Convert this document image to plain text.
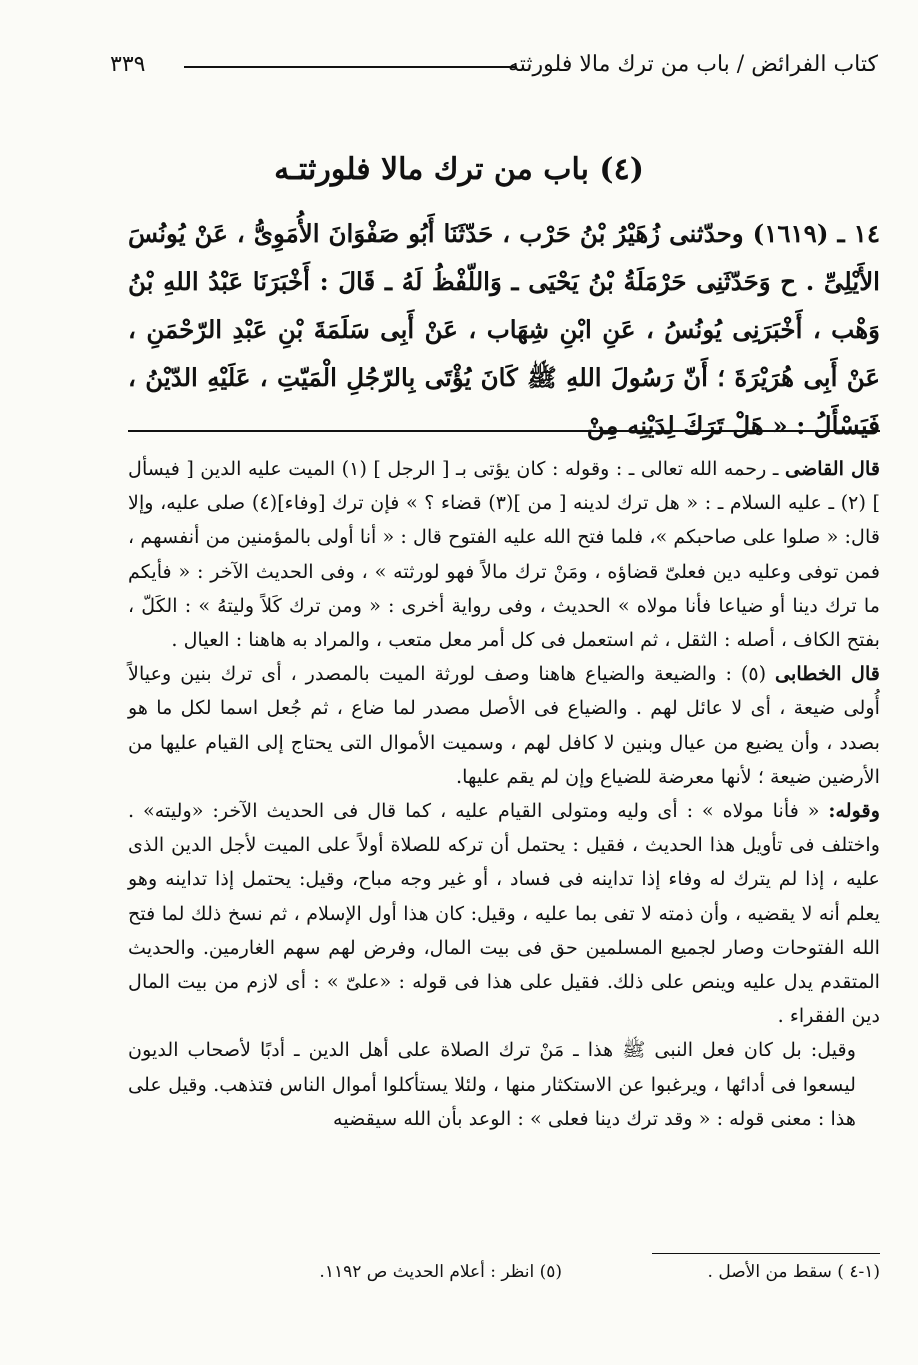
كتاب الفرائض / باب من ترك مالا فلورثته
٣٣٩
(٤) باب من ترك مالا فلورثتـه
١٤ ـ (١٦١٩) وحدّثنى زُهَيْرُ بْنُ حَرْب ، حَدّثَنَا أَبُو صَفْوَانَ الأُمَوِىُّ ، عَنْ يُونُسَ الأَيْلِىِّ . ح وَحَدّثَنِى حَرْمَلَةُ بْنُ يَحْيَى ـ وَاللّفْظُ لَهُ ـ قَالَ : أَخْبَرَنَا عَبْدُ اللهِ بْنُ وَهْب ، أَخْبَرَنِى يُونُسُ ، عَنِ ابْنِ شِهَاب ، عَنْ أَبِى سَلَمَةَ بْنِ عَبْدِ الرّحْمَنِ ، عَنْ أَبِى هُرَيْرَةَ ؛ أَنّ رَسُولَ اللهِ ﷺ كَانَ يُؤْتَى بِالرّجُلِ الْمَيّتِ ، عَلَيْهِ الدّيْنُ ، فَيَسْأَلُ : « هَلْ تَرَكَ لِدَيْنِه مِنْ

قال القاضى ـ رحمه الله تعالى ـ : وقوله : كان يؤتى بـ [ الرجل ] (١) الميت عليه الدين [ فيسأل ] (٢) ـ عليه السلام ـ : « هل ترك لدينه [ من ](٣) قضاء ؟ » فإن ترك [وفاء](٤) صلى عليه، وإلا قال: « صلوا على صاحبكم »، فلما فتح الله عليه الفتوح قال : « أنا أولى بالمؤمنين من أنفسهم ، فمن توفى وعليه دين فعلىّ قضاؤه ، ومَنْ ترك مالاً فهو لورثته » ، وفى الحديث الآخر : « فأيكم ما ترك دينا أو ضياعا فأنا مولاه » الحديث ، وفى رواية أخرى : « ومن ترك كَلاً وليتهُ » : الكَلّ ، بفتح الكاف ، أصله : الثقل ، ثم استعمل فى كل أمر معل متعب ، والمراد به هاهنا : العيال .

قال الخطابى (٥) : والضيعة والضياع هاهنا وصف لورثة الميت بالمصدر ، أى ترك بنين وعيالاً أُولى ضيعة ، أى لا عائل لهم . والضياع فى الأصل مصدر لما ضاع ، ثم جُعل اسما لكل ما هو بصدد ، وأن يضيع من عيال وبنين لا كافل لهم ، وسميت الأموال التى يحتاج إلى القيام عليها من الأرضين ضيعة ؛ لأنها معرضة للضياع وإن لم يقم عليها.

وقوله: « فأنا مولاه » : أى وليه ومتولى القيام عليه ، كما قال فى الحديث الآخر: «وليته» . واختلف فى تأويل هذا الحديث ، فقيل : يحتمل أن تركه للصلاة أولاً على الميت لأجل الدين الذى عليه ، إذا لم يترك له وفاء إذا تداينه فى فساد ، أو غير وجه مباح، وقيل: يحتمل إذا تداينه وهو يعلم أنه لا يقضيه ، وأن ذمته لا تفى بما عليه ، وقيل: كان هذا أول الإسلام ، ثم نسخ ذلك لما فتح الله الفتوحات وصار لجميع المسلمين حق فى بيت المال، وفرض لهم سهم الغارمين. والحديث المتقدم يدل عليه وينص على ذلك. فقيل على هذا فى قوله : «علىّ » : أى لازم من بيت المال دين الفقراء .

وقيل: بل كان فعل النبى ﷺ هذا ـ مَنْ ترك الصلاة على أهل الدين ـ أدبًا لأصحاب الديون ليسعوا فى أدائها ، ويرغبوا عن الاستكثار منها ، ولئلا يستأكلوا أموال الناس فتذهب. وقيل على هذا : معنى قوله : « وقد ترك دينا فعلى » : الوعد بأن الله سيقضيه

(١-٤ ) سقط من الأصل .
(٥) انظر : أعلام الحديث ص ١١٩٢.
